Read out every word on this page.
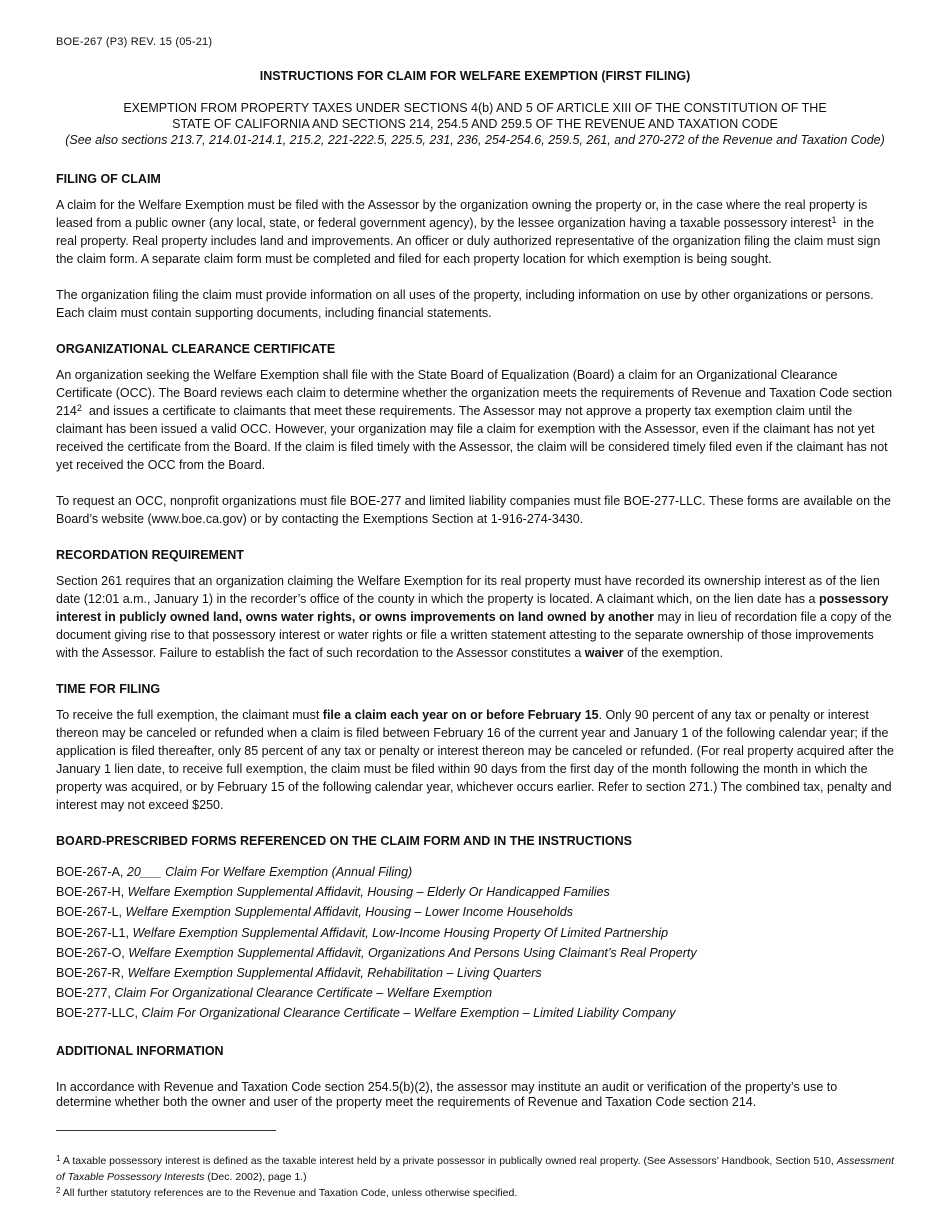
BOE-267 (P3) REV. 15 (05-21)
INSTRUCTIONS FOR CLAIM FOR WELFARE EXEMPTION (FIRST FILING)
EXEMPTION FROM PROPERTY TAXES UNDER SECTIONS 4(b) AND 5 OF ARTICLE XIII OF THE CONSTITUTION OF THE
STATE OF CALIFORNIA AND SECTIONS 214, 254.5 AND 259.5 OF THE REVENUE AND TAXATION CODE
(See also sections 213.7, 214.01-214.1, 215.2, 221-222.5, 225.5, 231, 236, 254-254.6, 259.5, 261, and 270-272 of the Revenue and Taxation Code)
FILING OF CLAIM

A claim for the Welfare Exemption must be filed with the Assessor by the organization owning the property or, in the case where the real property is leased from a public owner (any local, state, or federal government agency), by the lessee organization having a taxable possessory interest$^1$  in the real property. Real property includes land and improvements. An officer or duly authorized representative of the organization filing the claim must sign the claim form. A separate claim form must be completed and filed for each property location for which exemption is being sought.

The organization filing the claim must provide information on all uses of the property, including information on use by other organizations or persons. Each claim must contain supporting documents, including financial statements.

ORGANIZATIONAL CLEARANCE CERTIFICATE

An organization seeking the Welfare Exemption shall file with the State Board of Equalization (Board) a claim for an Organizational Clearance Certificate (OCC). The Board reviews each claim to determine whether the organization meets the requirements of Revenue and Taxation Code section $214^2$  and issues a certificate to claimants that meet these requirements. The Assessor may not approve a property tax exemption claim until the claimant has been issued a valid OCC. However, your organization may file a claim for exemption with the Assessor, even if the claimant has not yet received the certificate from the Board. If the claim is filed timely with the Assessor, the claim will be considered timely filed even if the claimant has not yet received the OCC from the Board.

To request an OCC, nonprofit organizations must file BOE-277 and limited liability companies must file BOE-277-LLC. These forms are available on the Board’s website (www.boe.ca.gov) or by contacting the Exemptions Section at 1-916-274-3430.

RECORDATION REQUIREMENT

Section 261 requires that an organization claiming the Welfare Exemption for its real property must have recorded its ownership interest as of the lien date (12:01 a.m., January 1) in the recorder’s office of the county in which the property is located. A claimant which, on the lien date has a possessory interest in publicly owned land, owns water rights, or owns improvements on land owned by another may in lieu of recordation file a copy of the document giving rise to that possessory interest or water rights or file a written statement attesting to the separate ownership of those improvements with the Assessor. Failure to establish the fact of such recordation to the Assessor constitutes a waiver of the exemption.

TIME FOR FILING

To receive the full exemption, the claimant must file a claim each year on or before February 15. Only 90 percent of any tax or penalty or interest thereon may be canceled or refunded when a claim is filed between February 16 of the current year and January 1 of the following calendar year; if the application is filed thereafter, only 85 percent of any tax or penalty or interest thereon may be canceled or refunded. (For real property acquired after the January 1 lien date, to receive full exemption, the claim must be filed within 90 days from the first day of the month following the month in which the property was acquired, or by February 15 of the following calendar year, whichever occurs earlier. Refer to section 271.) The combined tax, penalty and interest may not exceed $250.

BOARD-PRESCRIBED FORMS REFERENCED ON THE CLAIM FORM AND IN THE INSTRUCTIONS
BOE-267-A, 20___ Claim For Welfare Exemption (Annual Filing)
BOE-267-H, Welfare Exemption Supplemental Affidavit, Housing – Elderly Or Handicapped Families
BOE-267-L, Welfare Exemption Supplemental Affidavit, Housing – Lower Income Households
BOE-267-L1, Welfare Exemption Supplemental Affidavit, Low-Income Housing Property Of Limited Partnership
BOE-267-O, Welfare Exemption Supplemental Affidavit, Organizations And Persons Using Claimant’s Real Property
BOE-267-R, Welfare Exemption Supplemental Affidavit, Rehabilitation – Living Quarters
BOE-277, Claim For Organizational Clearance Certificate – Welfare Exemption
BOE-277-LLC, Claim For Organizational Clearance Certificate – Welfare Exemption – Limited Liability Company
ADDITIONAL INFORMATION

In accordance with Revenue and Taxation Code section 254.5(b)(2), the assessor may institute an audit or verification of the property’s use to determine whether both the owner and user of the property meet the requirements of Revenue and Taxation Code section 214.

$^1$ A taxable possessory interest is defined as the taxable interest held by a private possessor in publically owned real property. (See Assessors’ Handbook, Section 510, Assessment of Taxable Possessory Interests (Dec. 2002), page 1.)

$^2$ All further statutory references are to the Revenue and Taxation Code, unless otherwise specified.
